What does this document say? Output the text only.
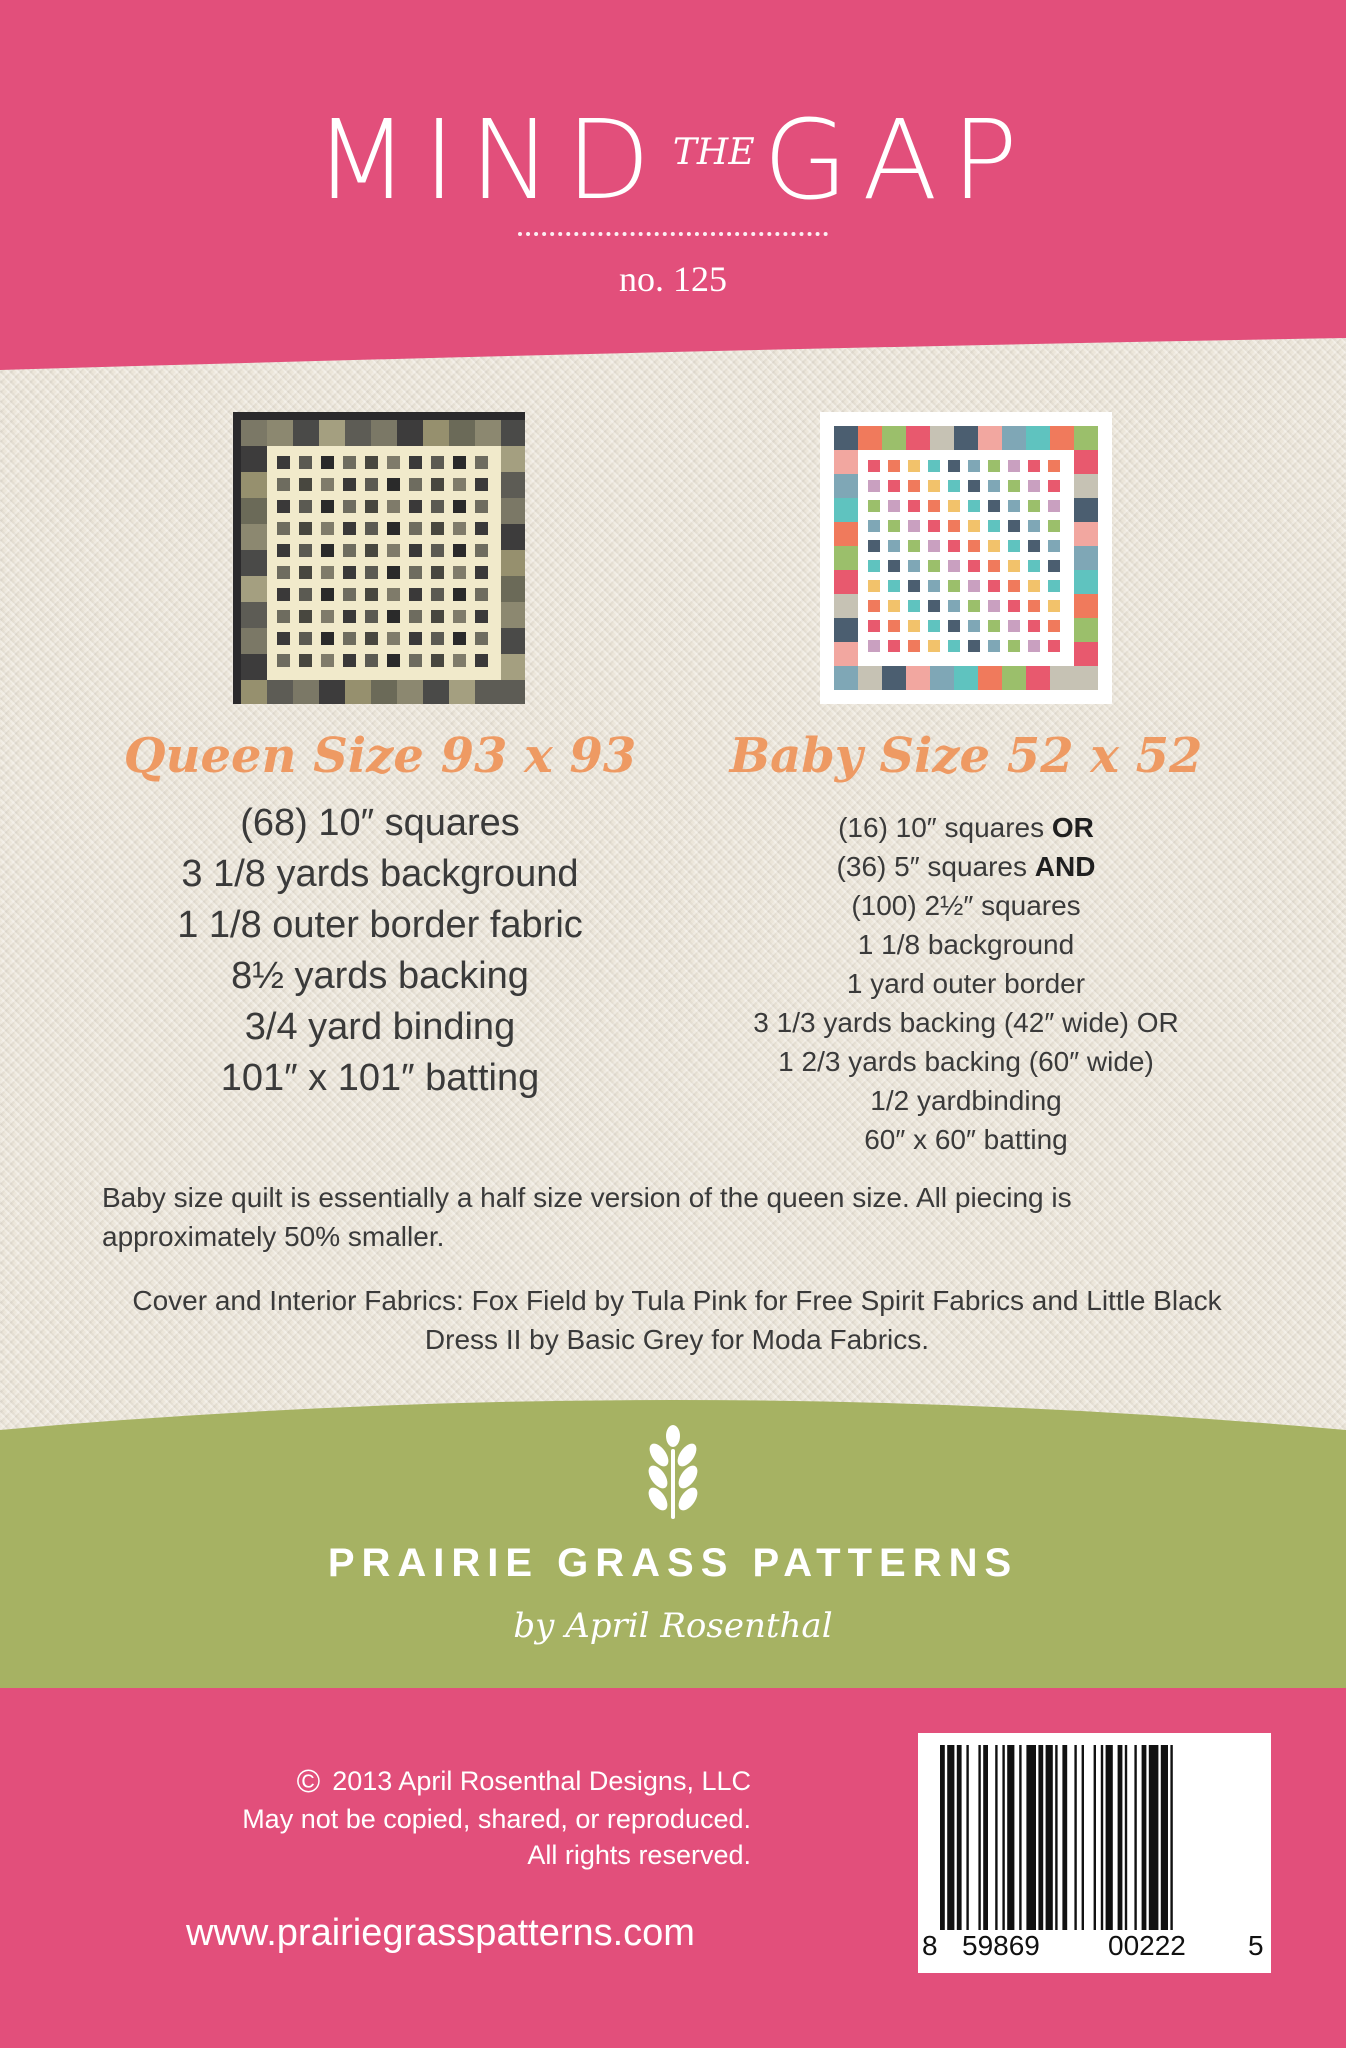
MIND THE GAP
no. 125
Queen Size 93 x 93	Baby Size 52 x 52
(68) 10″ squares
3 1/8 yards background
1 1/8 outer border fabric
8½ yards backing
3/4 yard binding
101″ x 101″ batting
(16) 10″ squares OR
(36) 5″ squares AND
(100) 2½″ squares
1 1/8 background
1 yard outer border
3 1/3 yards backing (42″ wide) OR
1 2/3 yards backing (60″ wide)
1/2 yardbinding
60″ x 60″ batting
Baby size quilt is essentially a half size version of the queen size. All piecing is approximately 50% smaller.
Cover and Interior Fabrics: Fox Field by Tula Pink for Free Spirit Fabrics and Little Black Dress II by Basic Grey for Moda Fabrics.
PRAIRIE GRASS PATTERNS
by April Rosenthal
© 2013 April Rosenthal Designs, LLC
May not be copied, shared, or reproduced.
All rights reserved.
www.prairiegrasspatterns.com	8 59869 00222 5
